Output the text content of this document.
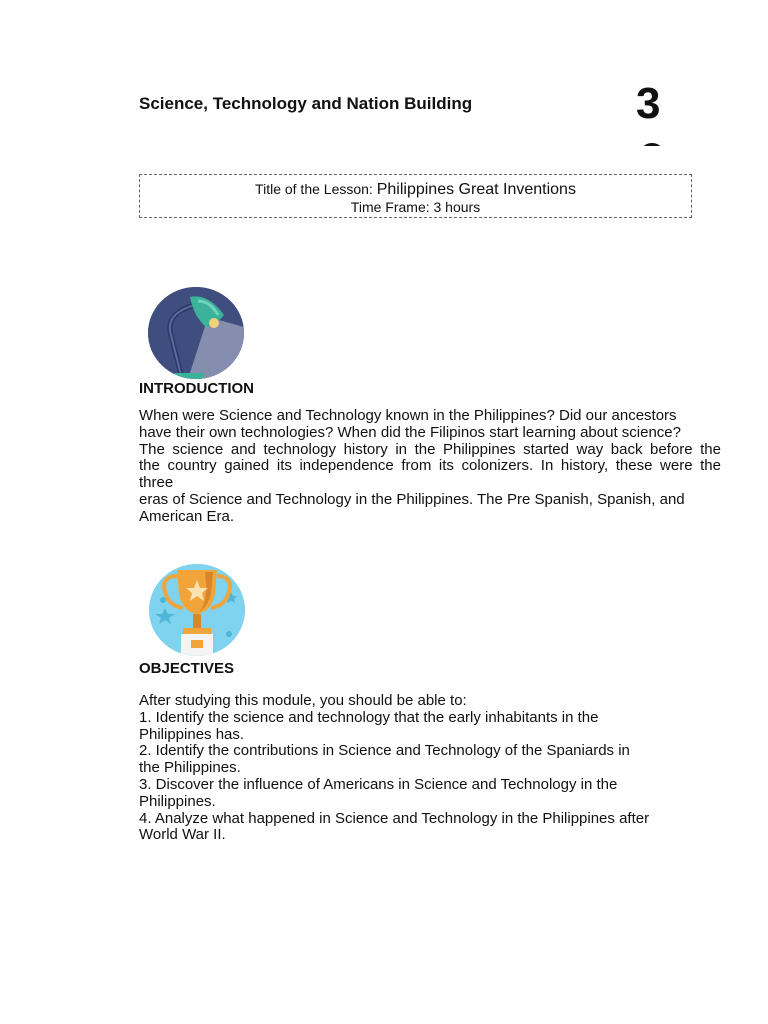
Science, Technology and Nation Building	3
Title of the Lesson: Philippines Great Inventions
Time Frame: 3 hours
INTRODUCTION
When were Science and Technology known in the Philippines? Did our ancestors
have their own technologies? When did the Filipinos start learning about science?
The science and technology history in the Philippines started way back before the
the country gained its independence from its colonizers. In history, these were the
three
eras of Science and Technology in the Philippines. The Pre Spanish, Spanish, and
American Era.
OBJECTIVES
After studying this module, you should be able to:
1. Identify the science and technology that the early inhabitants in the
Philippines has.
2. Identify the contributions in Science and Technology of the Spaniards in
the Philippines.
3. Discover the influence of Americans in Science and Technology in the
Philippines.
4. Analyze what happened in Science and Technology in the Philippines after
World War II.
